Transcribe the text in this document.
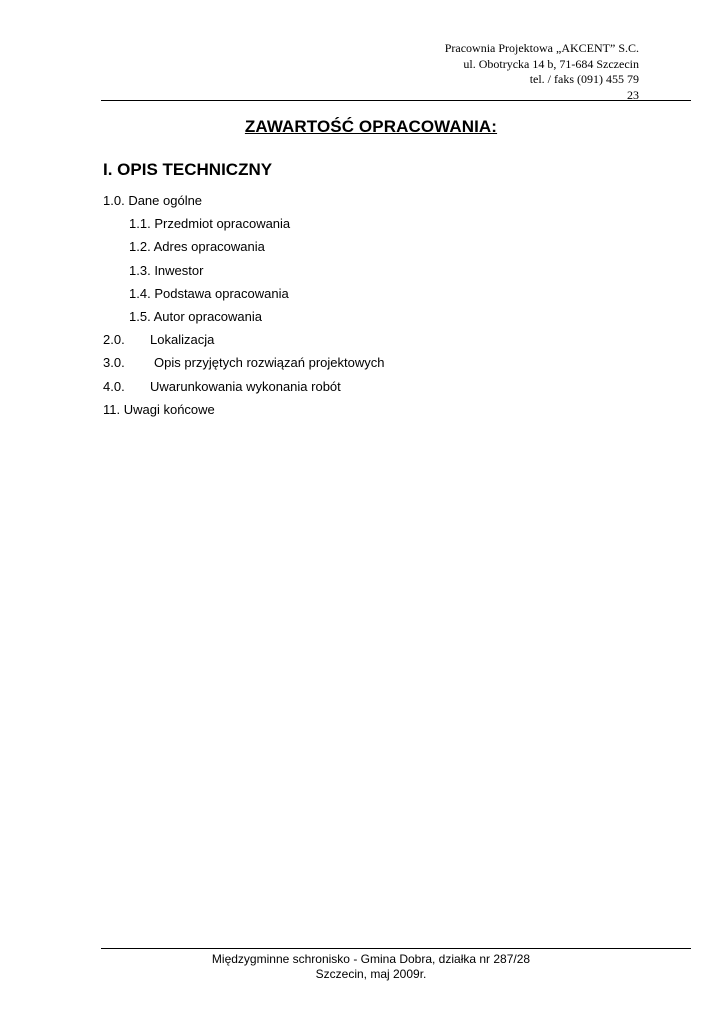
Pracownia Projektowa „AKCENT” S.C.
ul. Obotrycka 14 b, 71-684 Szczecin
tel. / faks (091) 455 79
23
ZAWARTOŚĆ OPRACOWANIA:
I. OPIS TECHNICZNY
1.0. Dane ogólne
1.1. Przedmiot opracowania
1.2. Adres opracowania
1.3. Inwestor
1.4. Podstawa opracowania
1.5. Autor opracowania
2.0. Lokalizacja
3.0. Opis przyjętych rozwiązań projektowych
4.0. Uwarunkowania wykonania robót
11. Uwagi końcowe
Międzygminne schronisko - Gmina Dobra, działka nr 287/28
Szczecin, maj 2009r.
